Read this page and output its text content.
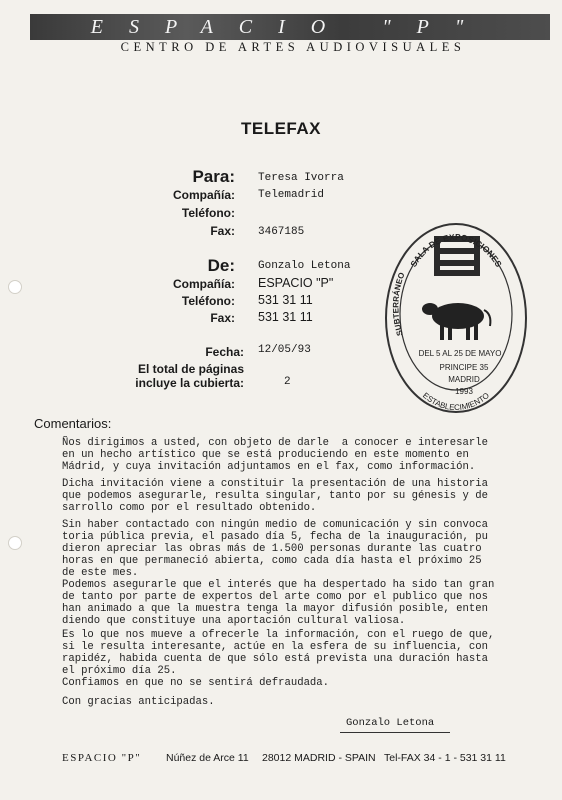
ESPACIO "P"
CENTRO DE ARTES AUDIOVISUALES
TELEFAX
Para: Teresa Ivorra
Compañía: Telemadrid
Teléfono:
Fax: 3467185
De: Gonzalo Letona
Compañía: ESPACIO "P"
Teléfono: 531 31 11
Fax: 531 31 11
Fecha: 12/05/93
El total de páginas
incluye la cubierta:	2
SALA DE EXPOSICIONES
SUBTERRÁNEO
ESTABLECIMIENTO
DEL 5 AL 25 DE MAYO
PRINCIPE 35
MADRID
1993
Comentarios:
Ños dirigimos a usted, con objeto de darle  a conocer e interesarle
en un hecho artístico que se está produciendo en este momento en
Mádrid, y cuya invitación adjuntamos en el fax, como información.
Dicha invitación viene a constituir la presentación de una historia
que podemos asegurarle, resulta singular, tanto por su génesis y de
sarrollo como por el resultado obtenido.
Sin haber contactado con ningún medio de comunicación y sin convoca
toria pública previa, el pasado día 5, fecha de la inauguración, pu
dieron apreciar las obras más de 1.500 personas durante las cuatro
horas en que permaneció abierta, como cada día hasta el próximo 25
de este mes.
Podemos asegurarle que el interés que ha despertado ha sido tan gran
de tanto por parte de expertos del arte como por el publico que nos
han animado a que la muestra tenga la mayor difusión posible, enten
diendo que constituye una aportación cultural valiosa.
Es lo que nos mueve a ofrecerle la información, con el ruego de que,
si le resulta interesante, actúe en la esfera de su influencia, con
rapidéz, habida cuenta de que sólo está prevista una duración hasta
el próximo día 25.
Confiamos en que no se sentirá defraudada.
Con gracias anticipadas.
Gonzalo Letona
ESPACIO "P" Núñez de Arce 11 28012 MADRID - SPAIN Tel-FAX 34 - 1 - 531 31 11
